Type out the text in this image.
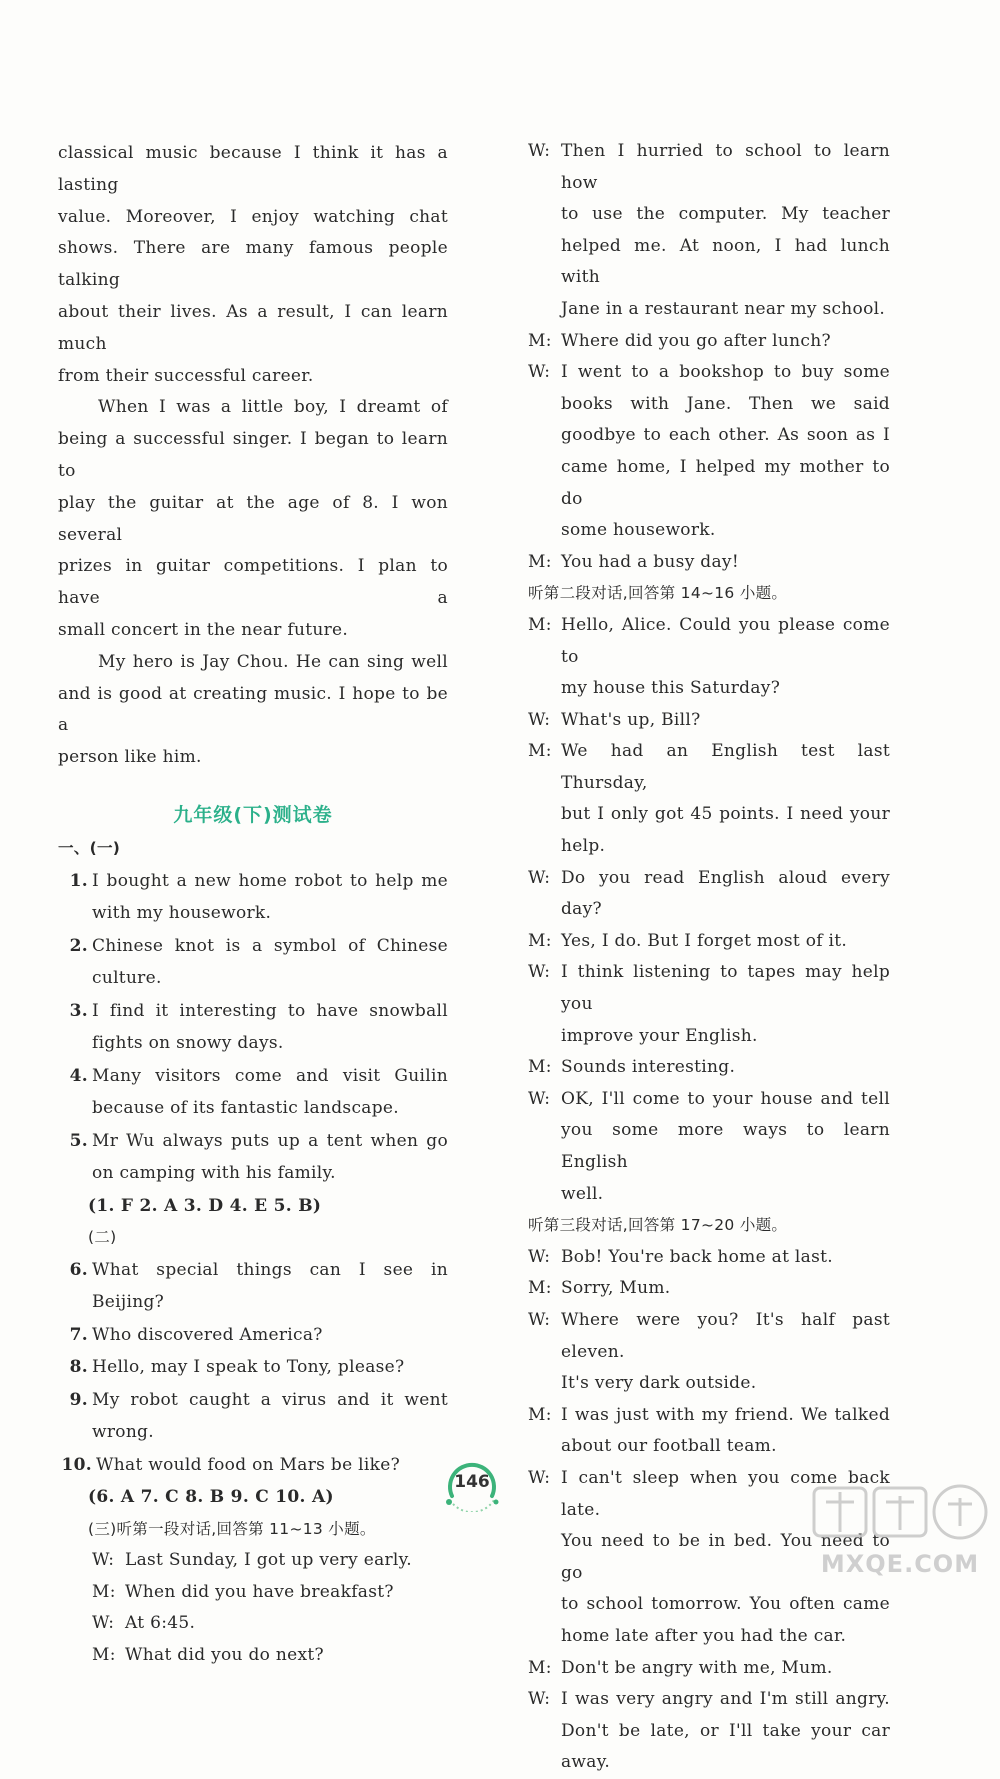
classical music because I think it has a lasting
value. Moreover, I enjoy watching chat
shows. There are many famous people talking
about their lives. As a result, I can learn much
from their successful career.
When I was a little boy, I dreamt of
being a successful singer. I began to learn to
play the guitar at the age of 8. I won several
prizes in guitar competitions. I plan to have a
small concert in the near future.
My hero is Jay Chou. He can sing well
and is good at creating music. I hope to be a
person like him.
九年级(下)测试卷
一、(一)
1. I bought a new home robot to help me
with my housework.
2. Chinese knot is a symbol of Chinese
culture.
3. I find it interesting to have snowball
fights on snowy days.
4. Many visitors come and visit Guilin
because of its fantastic landscape.
5. Mr Wu always puts up a tent when go
on camping with his family.
(1. F 2. A 3. D 4. E 5. B)
(二)
6. What special things can I see in Beijing?
7. Who discovered America?
8. Hello, may I speak to Tony, please?
9. My robot caught a virus and it went
wrong.
10. What would food on Mars be like?
(6. A 7. C 8. B 9. C 10. A)
(三)听第一段对话,回答第 11~13 小题。
W: Last Sunday, I got up very early.
M: When did you have breakfast?
W: At 6:45.
M: What did you do next?
W: Then I hurried to school to learn how
to use the computer. My teacher
helped me. At noon, I had lunch with
Jane in a restaurant near my school.
M: Where did you go after lunch?
W: I went to a bookshop to buy some
books with Jane. Then we said
goodbye to each other. As soon as I
came home, I helped my mother to do
some housework.
M: You had a busy day!
听第二段对话,回答第 14~16 小题。
M: Hello, Alice. Could you please come to
my house this Saturday?
W: What's up, Bill?
M: We had an English test last Thursday,
but I only got 45 points. I need your
help.
W: Do you read English aloud every day?
M: Yes, I do. But I forget most of it.
W: I think listening to tapes may help you
improve your English.
M: Sounds interesting.
W: OK, I'll come to your house and tell
you some more ways to learn English
well.
听第三段对话,回答第 17~20 小题。
W: Bob! You're back home at last.
M: Sorry, Mum.
W: Where were you? It's half past eleven.
It's very dark outside.
M: I was just with my friend. We talked
about our football team.
W: I can't sleep when you come back late.
You need to be in bed. You need to go
to school tomorrow. You often came
home late after you had the car.
M: Don't be angry with me, Mum.
W: I was very angry and I'm still angry.
Don't be late, or I'll take your car
away.
146
MXQE.COM
